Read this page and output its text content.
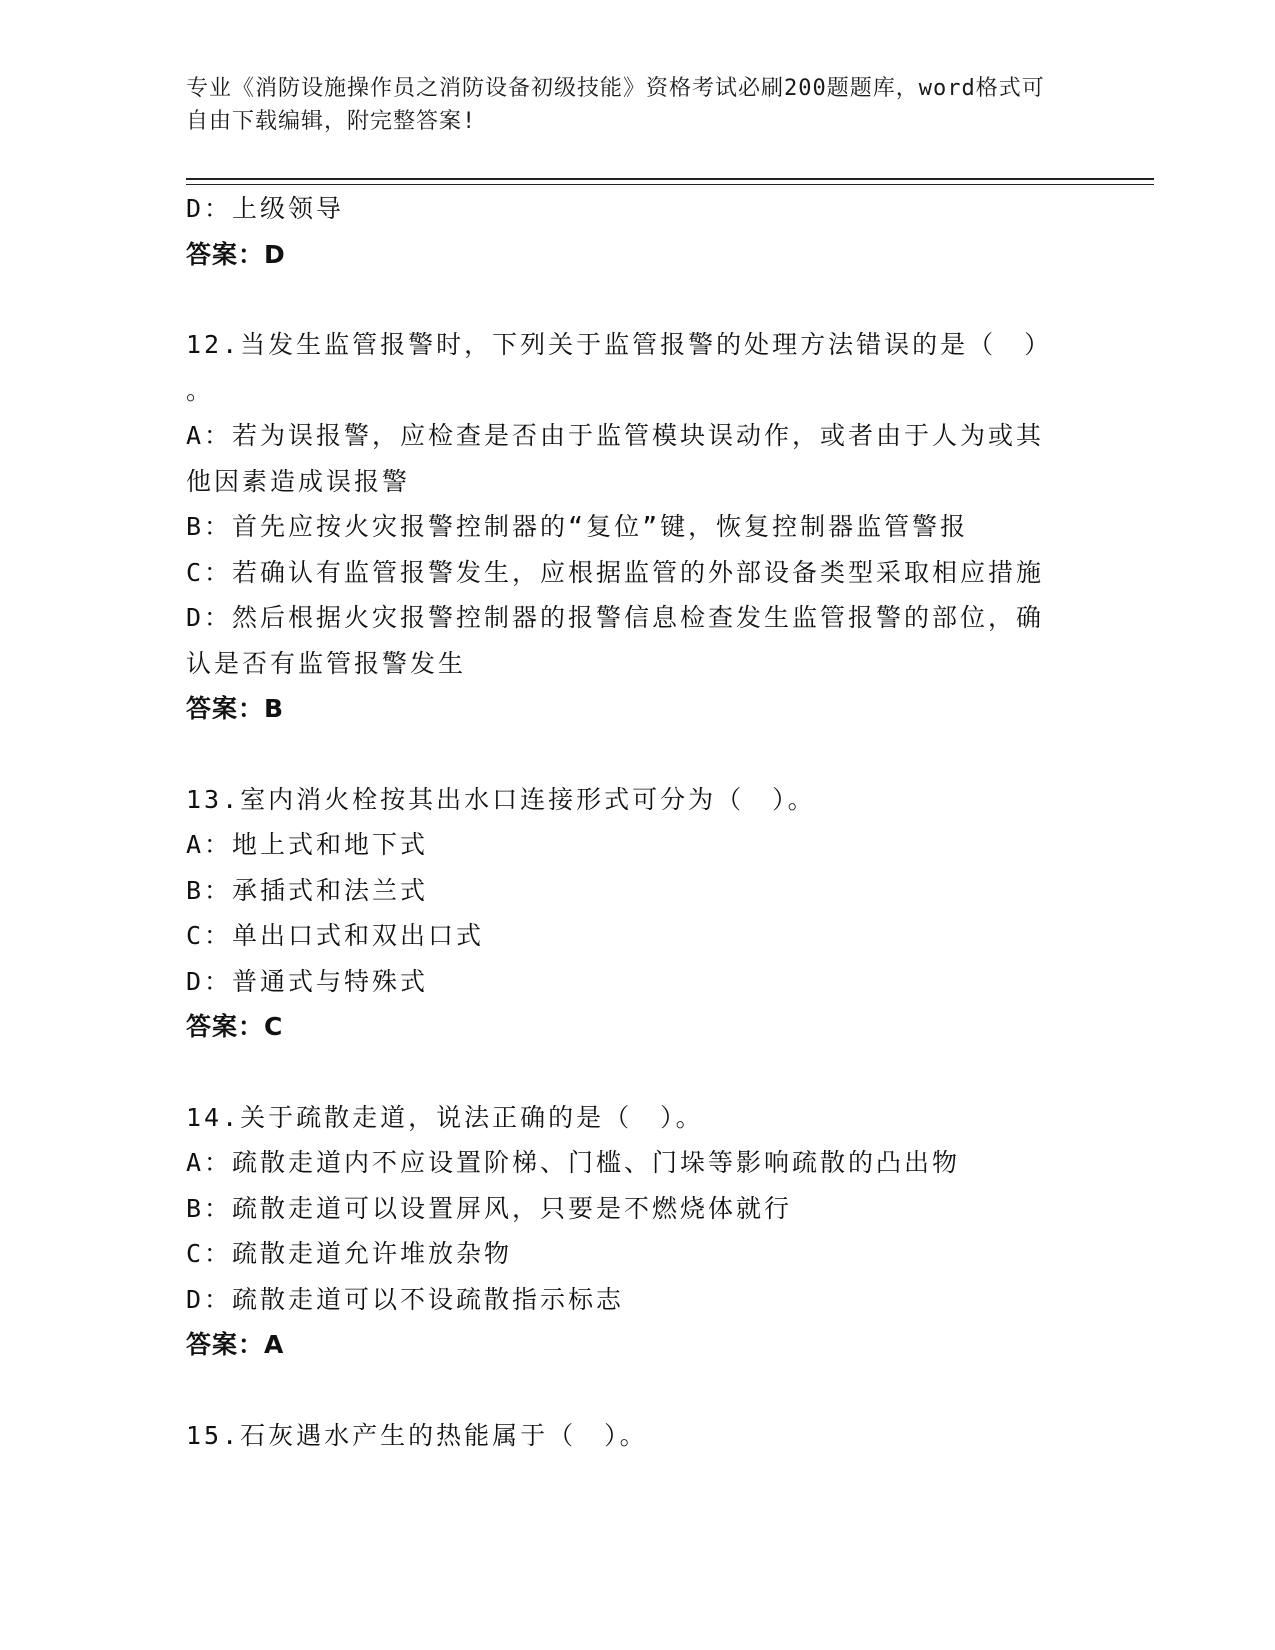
专业《消防设施操作员之消防设备初级技能》资格考试必刷200题题库，word格式可自由下载编辑，附完整答案!
D：上级领导
答案：D
12.当发生监管报警时，下列关于监管报警的处理方法错误的是（　）
。
A：若为误报警，应检查是否由于监管模块误动作，或者由于人为或其
他因素造成误报警
B：首先应按火灾报警控制器的“复位”键，恢复控制器监管警报
C：若确认有监管报警发生，应根据监管的外部设备类型采取相应措施
D：然后根据火灾报警控制器的报警信息检查发生监管报警的部位，确
认是否有监管报警发生
答案：B
13.室内消火栓按其出水口连接形式可分为（　）。
A：地上式和地下式
B：承插式和法兰式
C：单出口式和双出口式
D：普通式与特殊式
答案：C
14.关于疏散走道，说法正确的是（　）。
A：疏散走道内不应设置阶梯、门槛、门垛等影响疏散的凸出物
B：疏散走道可以设置屏风，只要是不燃烧体就行
C：疏散走道允许堆放杂物
D：疏散走道可以不设疏散指示标志
答案：A
15.石灰遇水产生的热能属于（　）。
